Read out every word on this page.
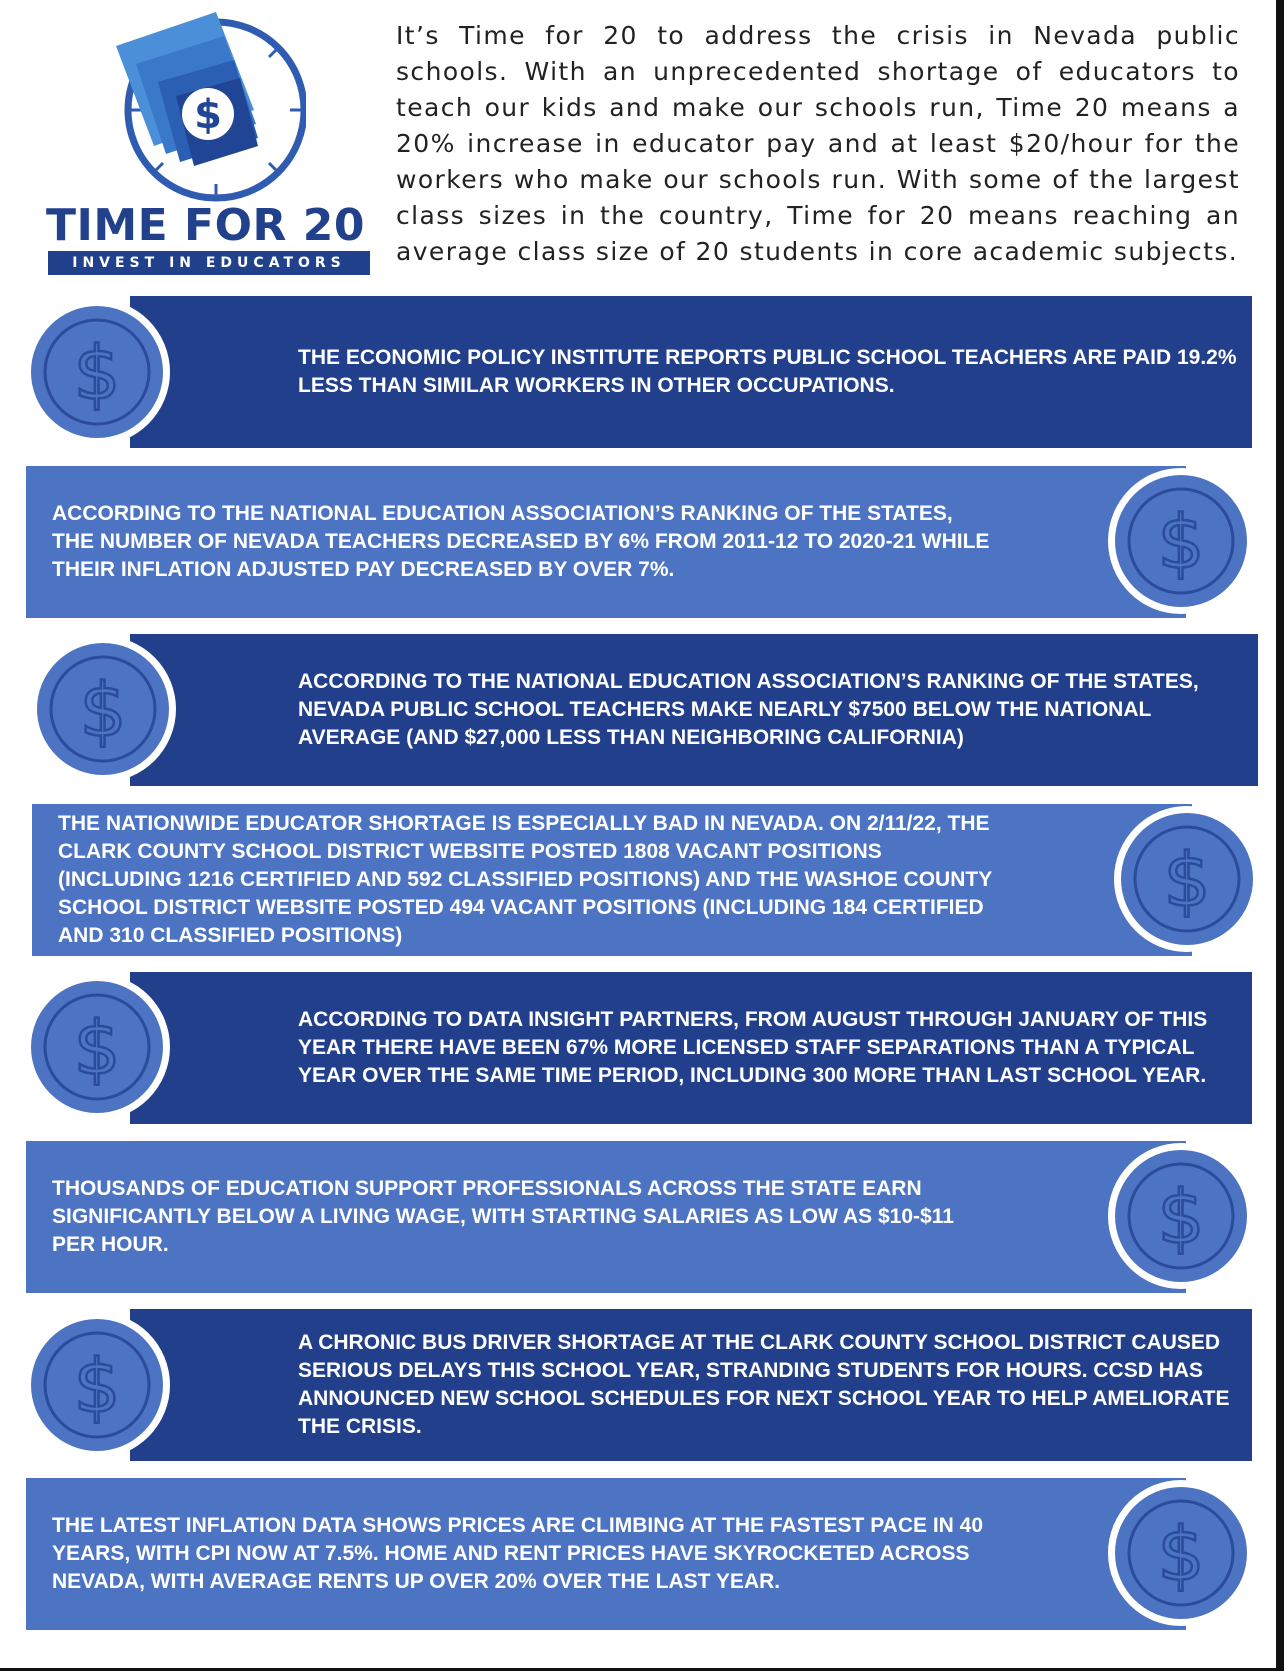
$
TIME FOR 20
INVEST IN EDUCATORS

It’s Time for 20 to address the crisis in Nevada public schools. With an unprecedented shortage of educators to teach our kids and make our schools run, Time 20 means a 20% increase in educator pay and at least $20/hour for the workers who make our schools run. With some of the largest class sizes in the country, Time for 20 means reaching an average class size of 20 students in core academic subjects.

THE ECONOMIC POLICY INSTITUTE REPORTS PUBLIC SCHOOL TEACHERS ARE PAID 19.2% LESS THAN SIMILAR WORKERS IN OTHER OCCUPATIONS.

$

ACCORDING TO THE NATIONAL EDUCATION ASSOCIATION’S RANKING OF THE STATES, THE NUMBER OF NEVADA TEACHERS DECREASED BY 6% FROM 2011-12 TO 2020-21 WHILE THEIR INFLATION ADJUSTED PAY DECREASED BY OVER 7%.	$

ACCORDING TO THE NATIONAL EDUCATION ASSOCIATION’S RANKING OF THE STATES, NEVADA PUBLIC SCHOOL TEACHERS MAKE NEARLY $7500 BELOW THE NATIONAL AVERAGE (AND $27,000 LESS THAN NEIGHBORING CALIFORNIA)

$

THE NATIONWIDE EDUCATOR SHORTAGE IS ESPECIALLY BAD IN NEVADA. ON 2/11/22, THE CLARK COUNTY SCHOOL DISTRICT WEBSITE POSTED 1808 VACANT POSITIONS (INCLUDING 1216 CERTIFIED AND 592 CLASSIFIED POSITIONS) AND THE WASHOE COUNTY SCHOOL DISTRICT WEBSITE POSTED 494 VACANT POSITIONS (INCLUDING 184 CERTIFIED AND 310 CLASSIFIED POSITIONS)

$

ACCORDING TO DATA INSIGHT PARTNERS, FROM AUGUST THROUGH JANUARY OF THIS YEAR THERE HAVE BEEN 67% MORE LICENSED STAFF SEPARATIONS THAN A TYPICAL YEAR OVER THE SAME TIME PERIOD, INCLUDING 300 MORE THAN LAST SCHOOL YEAR.

$

THOUSANDS OF EDUCATION SUPPORT PROFESSIONALS ACROSS THE STATE EARN SIGNIFICANTLY BELOW A LIVING WAGE, WITH STARTING SALARIES AS LOW AS $10-$11 PER HOUR.	$

A CHRONIC BUS DRIVER SHORTAGE AT THE CLARK COUNTY SCHOOL DISTRICT CAUSED SERIOUS DELAYS THIS SCHOOL YEAR, STRANDING STUDENTS FOR HOURS. CCSD HAS ANNOUNCED NEW SCHOOL SCHEDULES FOR NEXT SCHOOL YEAR TO HELP AMELIORATE THE CRISIS.

$

THE LATEST INFLATION DATA SHOWS PRICES ARE CLIMBING AT THE FASTEST PACE IN 40 YEARS, WITH CPI NOW AT 7.5%. HOME AND RENT PRICES HAVE SKYROCKETED ACROSS NEVADA, WITH AVERAGE RENTS UP OVER 20% OVER THE LAST YEAR.	$
